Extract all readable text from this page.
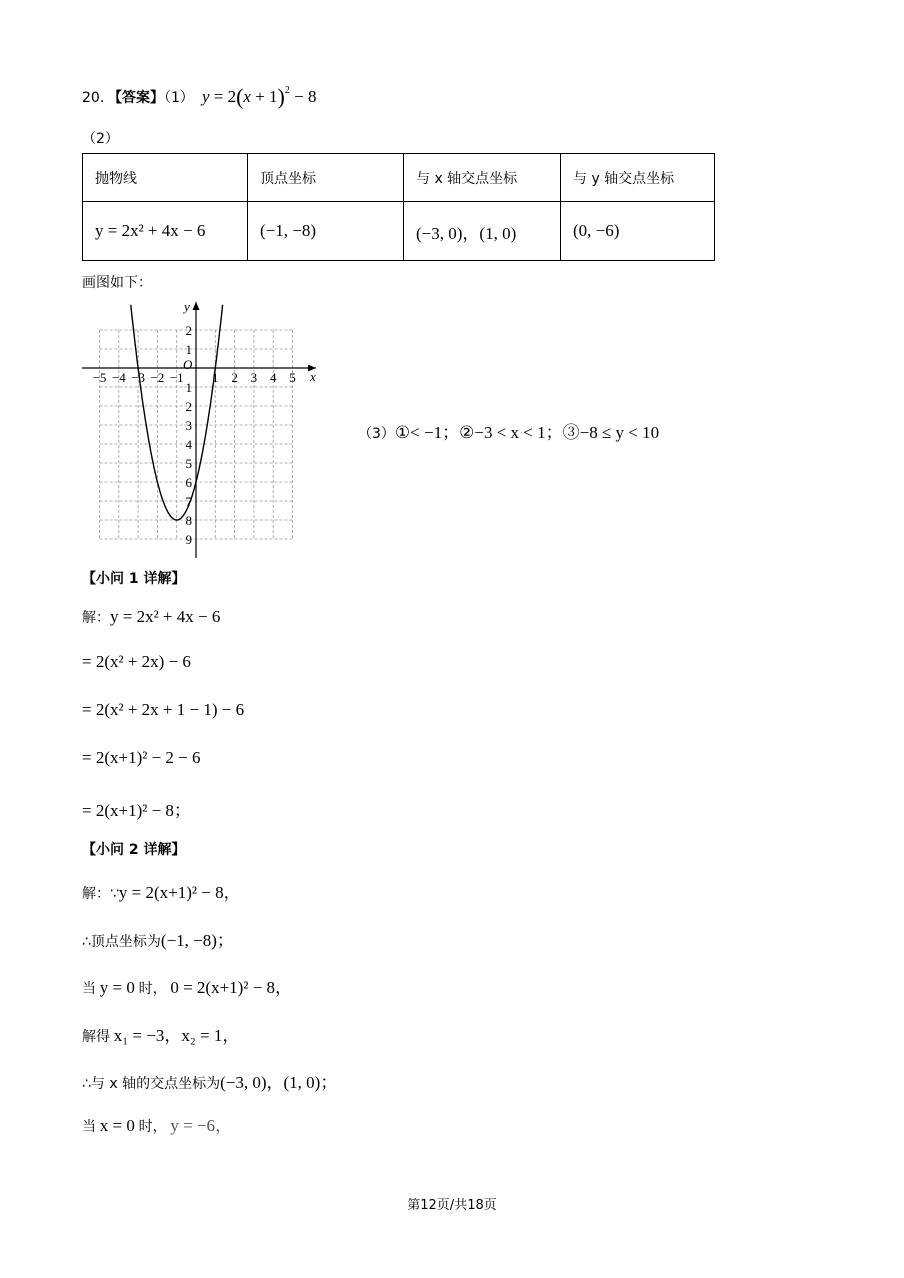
20. 【答案】（1） $y = 2(x + 1)^2 - 8$
（2）
抛物线	顶点坐标	与 x 轴交点坐标	与 y 轴交点坐标
y = 2x² + 4x − 6	(−1, −8)	(−3, 0)，(1, 0)	(0, −6)
画图如下：
x
y
O
−5 −4 −3 −2 −1 1 2 3 4 5
2
1
1
2
3
4
5
6
7
8
9
（3）①< −1；②−3 < x < 1；③−8 ≤ y < 10
【小问 1 详解】
解：y = 2x² + 4x − 6
= 2(x² + 2x) − 6
= 2(x² + 2x + 1 − 1) − 6
= 2(x+1)² − 2 − 6
= 2(x+1)² − 8；
【小问 2 详解】
解：∵y = 2(x+1)² − 8，
∴顶点坐标为(−1, −8)；
当 y = 0 时， 0 = 2(x+1)² − 8，
解得 x₁ = −3，x₂ = 1，
∴与 x 轴的交点坐标为(−3, 0)，(1, 0)；
当 x = 0 时， y = −6，
第12页/共18页
